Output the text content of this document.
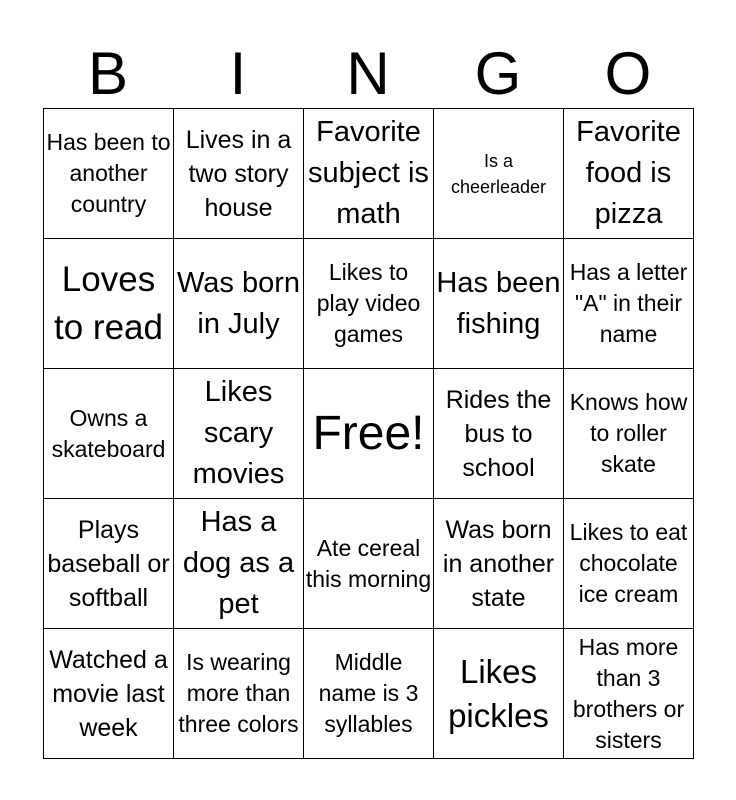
B	I	N	G	O
Has been to another country
Lives in a two story house
Favorite subject is math
Is a cheerleader
Favorite food is pizza
Loves to read
Was born in July
Likes to play video games
Has been fishing
Has a letter "A" in their name
Owns a skateboard
Likes scary movies
Free!
Rides the bus to school
Knows how to roller skate
Plays baseball or softball
Has a dog as a pet
Ate cereal this morning
Was born in another state
Likes to eat chocolate ice cream
Watched a movie last week
Is wearing more than three colors
Middle name is 3 syllables
Likes pickles
Has more than 3 brothers or sisters
